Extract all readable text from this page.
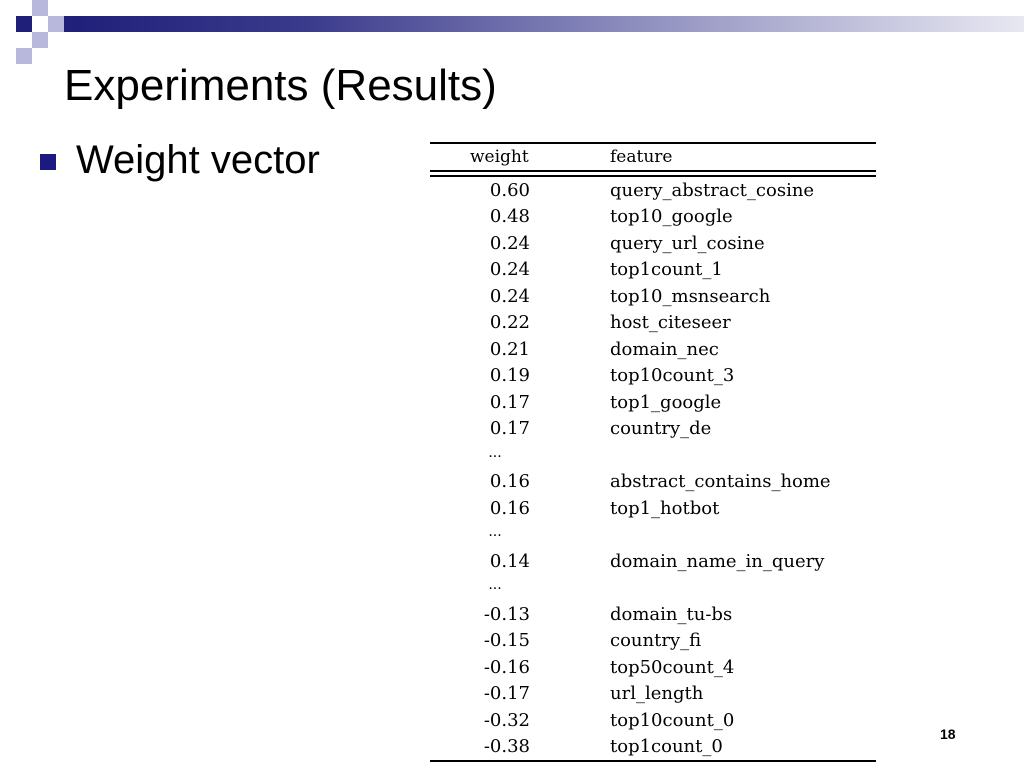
Experiments (Results)
Weight vector	weight	feature
0.60	query_abstract_cosine
0.48	top10_google
0.24	query_url_cosine
0.24	top1count_1
0.24	top10_msnsearch
0.22	host_citeseer
0.21	domain_nec
0.19	top10count_3
0.17	top1_google
0.17	country_de
...
0.16	abstract_contains_home
0.16	top1_hotbot
...
0.14	domain_name_in_query
...
-0.13	domain_tu-bs
-0.15	country_fi
-0.16	top50count_4
-0.17	url_length
-0.32	top10count_0
-0.38	top1count_0
18
